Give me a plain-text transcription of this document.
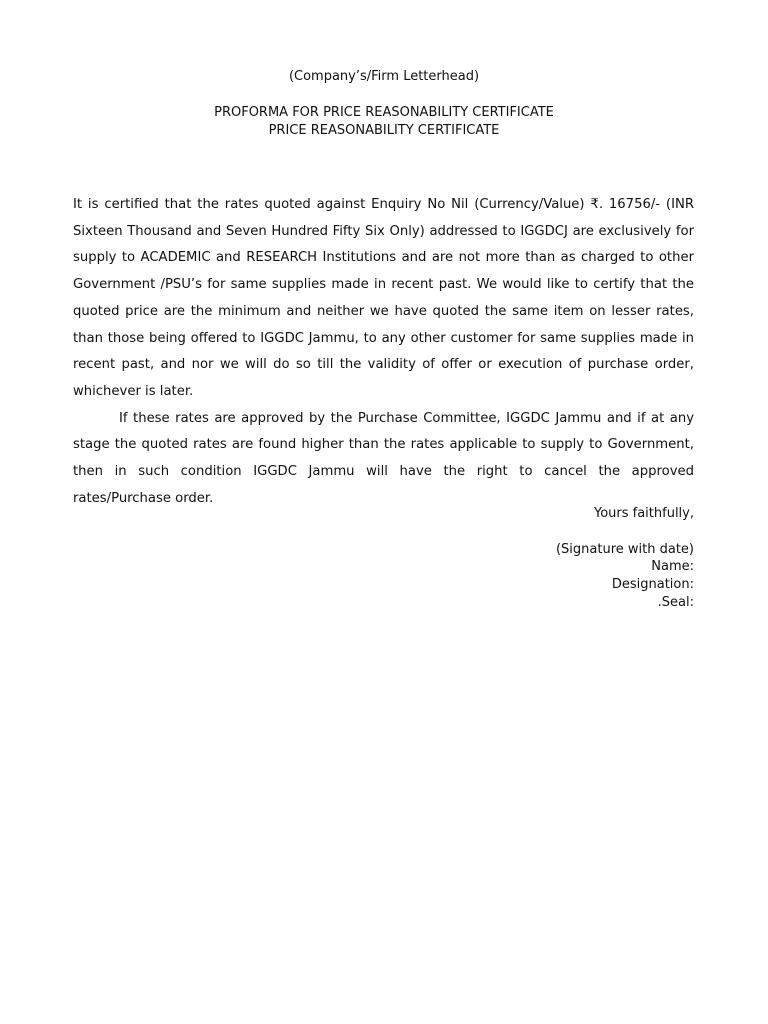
(Company’s/Firm Letterhead)
PROFORMA FOR PRICE REASONABILITY CERTIFICATE
PRICE REASONABILITY CERTIFICATE

It is certified that the rates quoted against Enquiry No Nil (Currency/Value) ₹. 16756/- (INR Sixteen Thousand and Seven Hundred Fifty Six Only) addressed to IGGDCJ are exclusively for supply to ACADEMIC and RESEARCH Institutions and are not more than as charged to other Government /PSU’s for same supplies made in recent past. We would like to certify that the quoted price are the minimum and neither we have quoted the same item on lesser rates, than those being offered to IGGDC Jammu, to any other customer for same supplies made in recent past, and nor we will do so till the validity of offer or execution of purchase order, whichever is later.

If these rates are approved by the Purchase Committee, IGGDC Jammu and if at any stage the quoted rates are found higher than the rates applicable to supply to Government, then in such condition IGGDC Jammu will have the right to cancel the approved rates/Purchase order.

Yours faithfully,
(Signature with date)
Name:
Designation:
.Seal:
